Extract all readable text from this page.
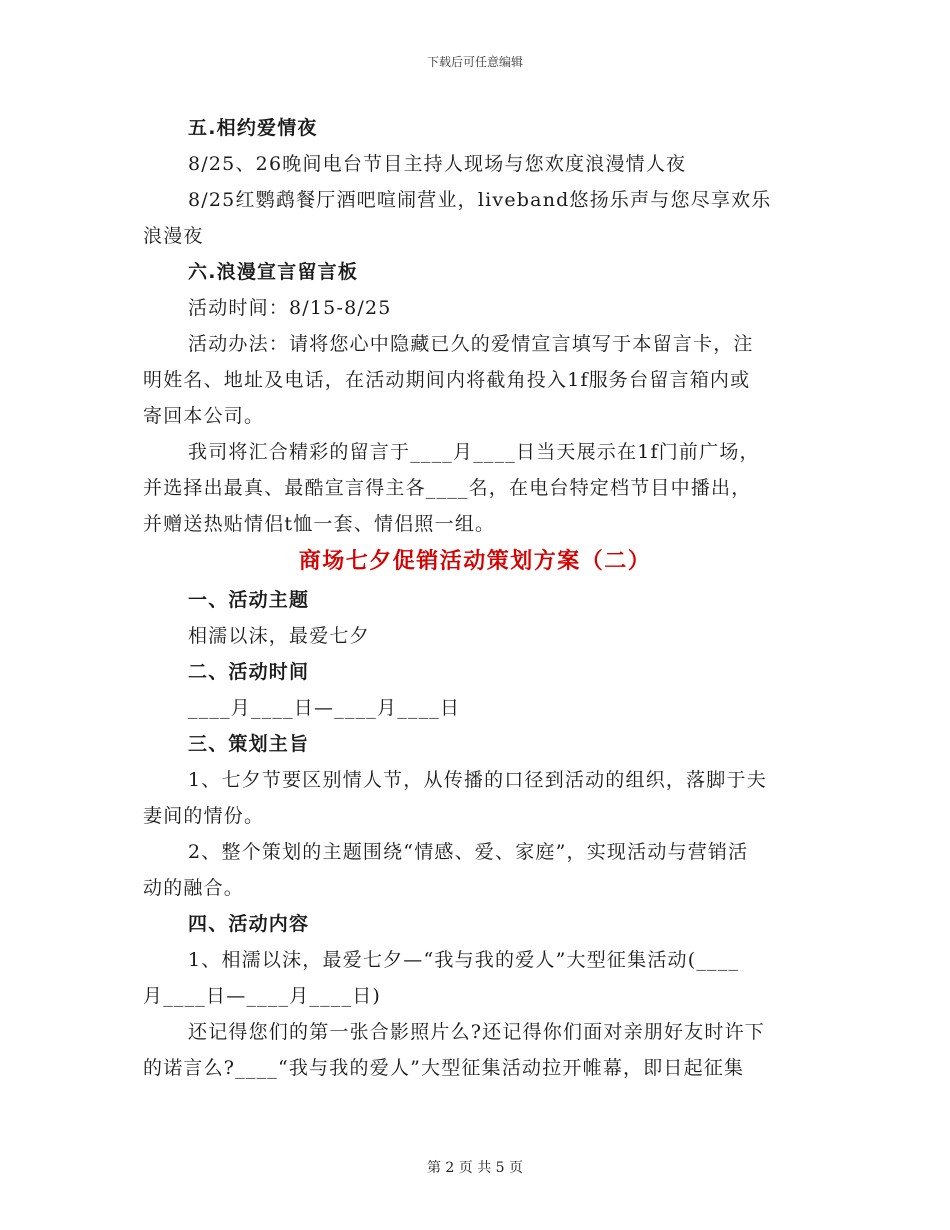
下载后可任意编辑
五.相约爱情夜
8/25、26晚间电台节目主持人现场与您欢度浪漫情人夜
8/25红鹦鹉餐厅酒吧喧闹营业，liveband悠扬乐声与您尽享欢乐
浪漫夜
六.浪漫宣言留言板
活动时间：8/15-8/25
活动办法：请将您心中隐藏已久的爱情宣言填写于本留言卡，注
明姓名、地址及电话，在活动期间内将截角投入1f服务台留言箱内或
寄回本公司。
我司将汇合精彩的留言于____月____日当天展示在1f门前广场，
并选择出最真、最酷宣言得主各____名，在电台特定档节目中播出，
并赠送热贴情侣t恤一套、情侣照一组。
商场七夕促销活动策划方案（二）
一、活动主题
相濡以沫，最爱七夕
二、活动时间
____月____日—____月____日
三、策划主旨
1、七夕节要区别情人节，从传播的口径到活动的组织，落脚于夫
妻间的情份。
2、整个策划的主题围绕“情感、爱、家庭”，实现活动与营销活
动的融合。
四、活动内容
1、相濡以沫，最爱七夕—“我与我的爱人”大型征集活动(____
月____日—____月____日)
还记得您们的第一张合影照片么?还记得你们面对亲朋好友时许下
的诺言么?____“我与我的爱人”大型征集活动拉开帷幕，即日起征集
第 2 页 共 5 页
